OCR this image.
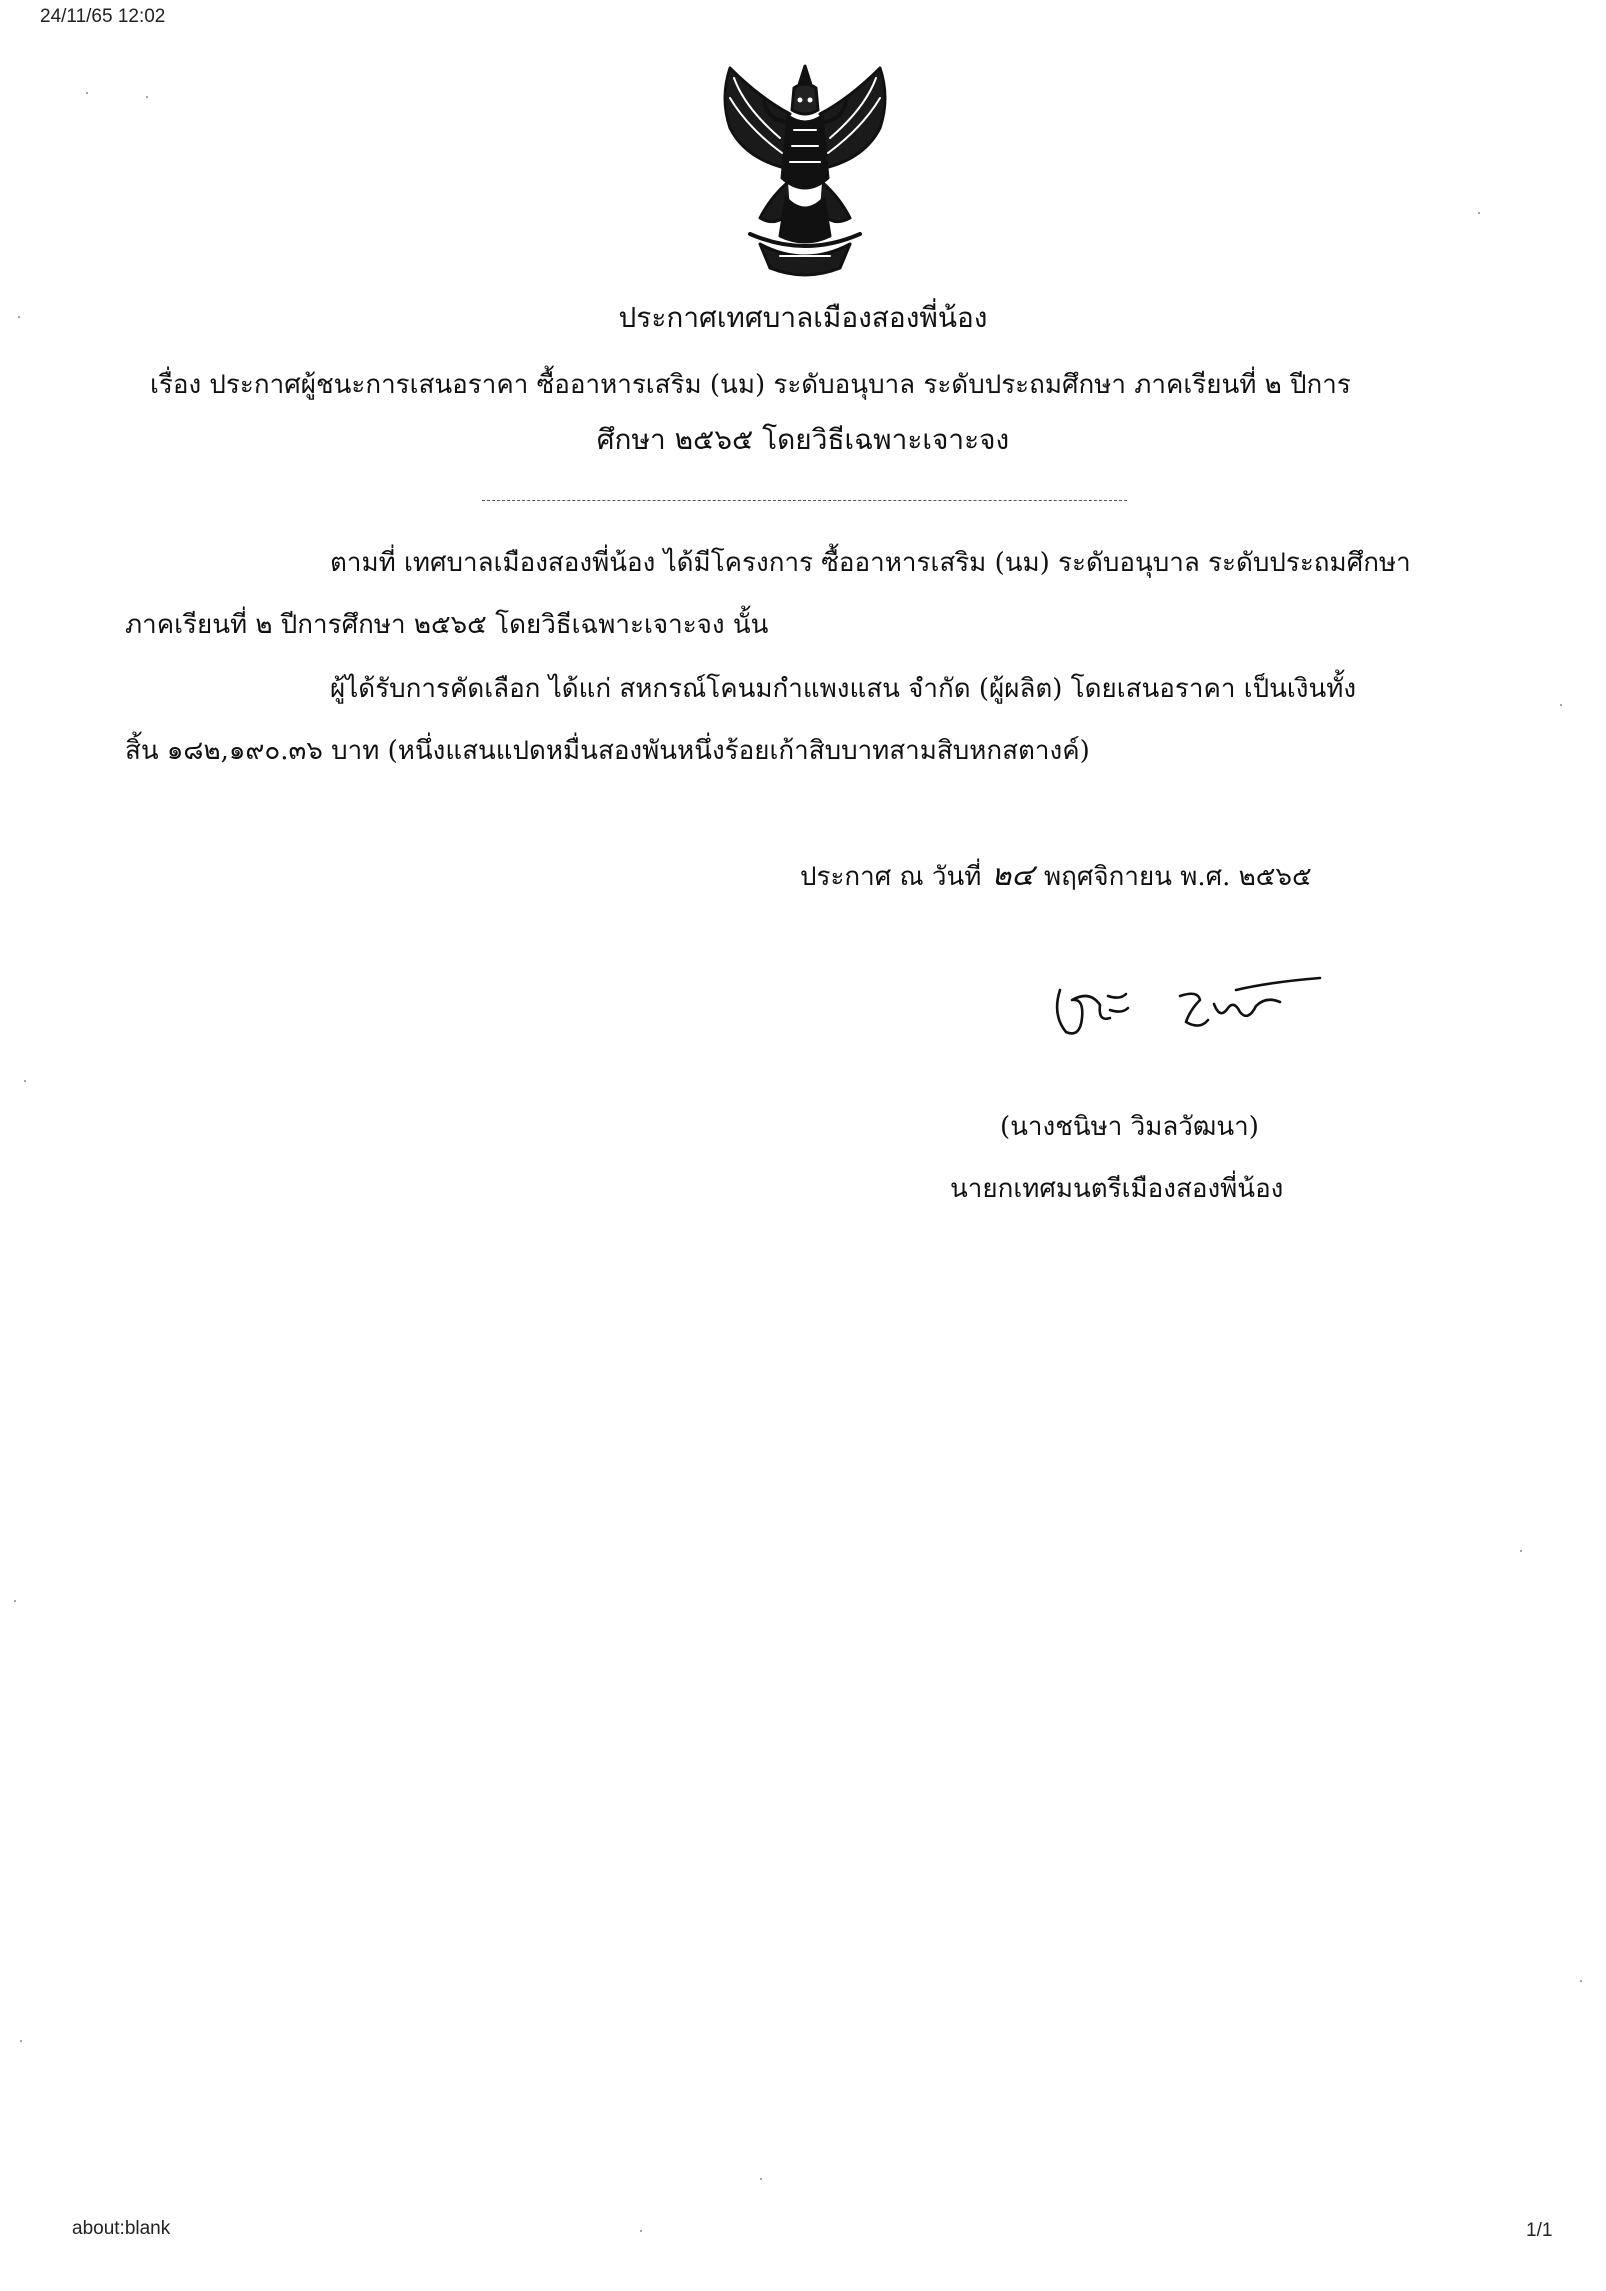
24/11/65 12:02
ประกาศเทศบาลเมืองสองพี่น้อง
เรื่อง ประกาศผู้ชนะการเสนอราคา ซื้ออาหารเสริม (นม) ระดับอนุบาล ระดับประถมศึกษา ภาคเรียนที่ ๒ ปีการ
ศึกษา ๒๕๖๕ โดยวิธีเฉพาะเจาะจง
ตามที่ เทศบาลเมืองสองพี่น้อง ได้มีโครงการ ซื้ออาหารเสริม (นม) ระดับอนุบาล ระดับประถมศึกษา
ภาคเรียนที่ ๒ ปีการศึกษา ๒๕๖๕ โดยวิธีเฉพาะเจาะจง นั้น
ผู้ได้รับการคัดเลือก ได้แก่ สหกรณ์โคนมกำแพงแสน จำกัด (ผู้ผลิต) โดยเสนอราคา เป็นเงินทั้ง
สิ้น ๑๘๒,๑๙๐.๓๖ บาท (หนึ่งแสนแปดหมื่นสองพันหนึ่งร้อยเก้าสิบบาทสามสิบหกสตางค์)
ประกาศ ณ วันที่ ๒๔ พฤศจิกายน พ.ศ. ๒๕๖๕
(นางชนิษา วิมลวัฒนา)
นายกเทศมนตรีเมืองสองพี่น้อง
about:blank	1/1
